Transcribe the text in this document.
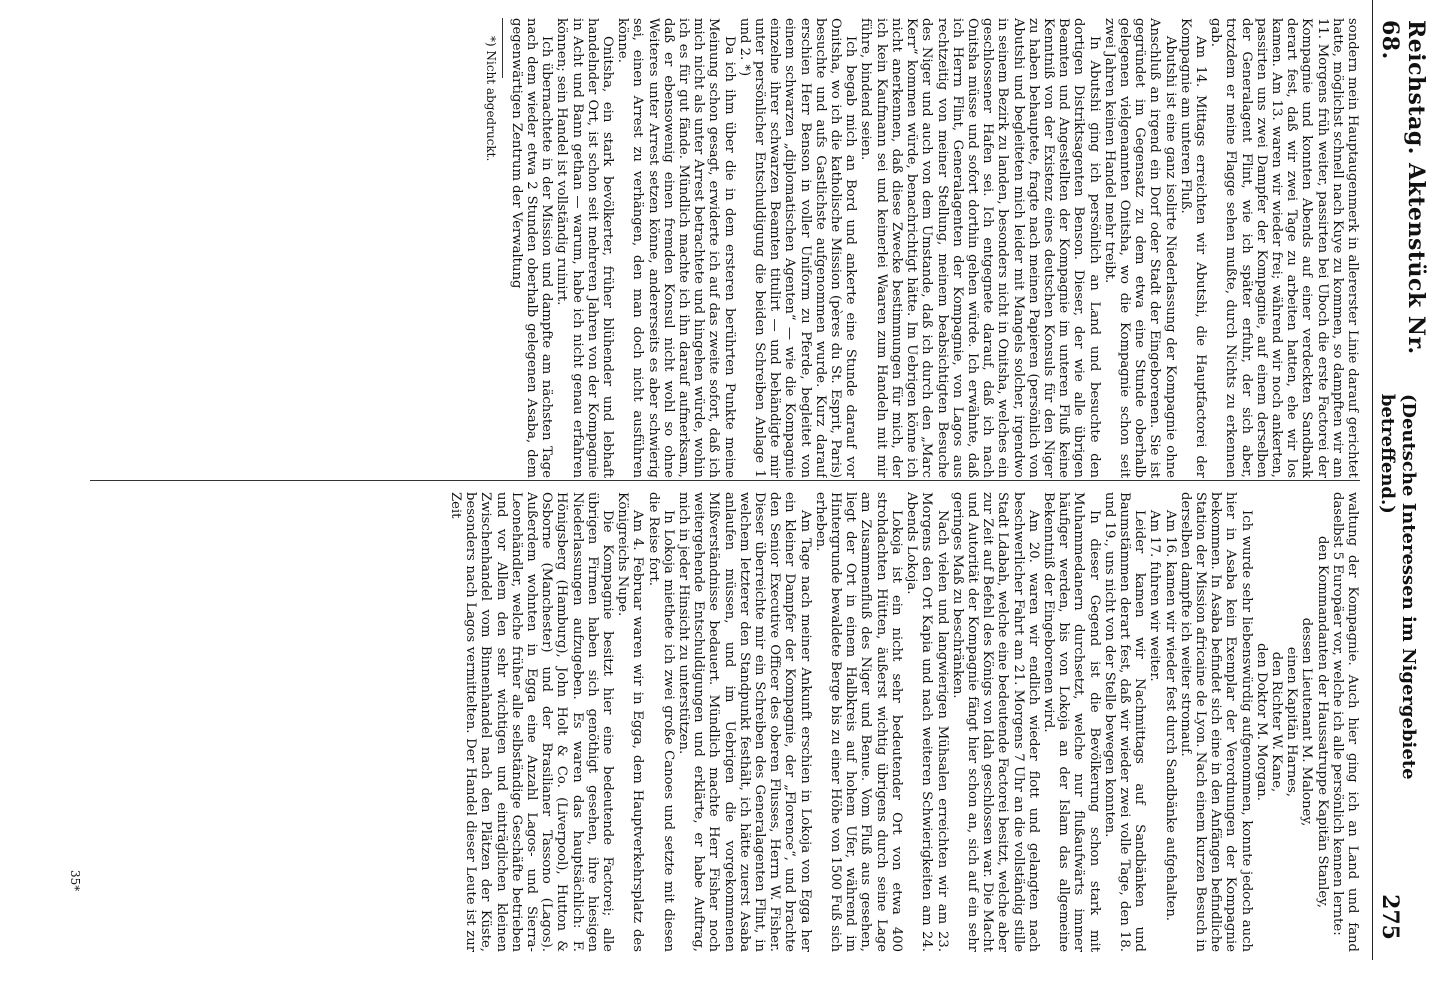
Reichstag. Aktenstück Nr. 68.
(Deutsche Interessen im Nigergebiete betreffend.)
275

sondern mein Hauptaugenmerk in allererster Linie darauf gerichtet hatte, möglichst schnell nach Kuye zu kommen, so dampften wir am 11. Morgens früh weiter, passirten bei Uboch die erste Factorei der Kompagnie und konnten Abends auf einer verdeckten Sandbank derart fest, daß wir zwei Tage zu arbeiten hatten, ehe wir los kamen. Am 13. waren wir wieder frei; während wir noch ankerten, passirten uns zwei Dampfer der Kompagnie, auf einem derselben der Generalagent Flint, wie ich später erfuhr, der sich aber, trotzdem er meine Flagge sehen mußte, durch Nichts zu erkennen gab.

Am 14. Mittags erreichten wir Abutshi, die Hauptfactorei der Kompagnie am unteren Fluß.

Abutshi ist eine ganz isolirte Niederlassung der Kompagnie ohne Anschluß an irgend ein Dorf oder Stadt der Eingeborenen. Sie ist gegründet im Gegensatz zu dem etwa eine Stunde oberhalb gelegenen vielgenannten Onitsha, wo die Kompagnie schon seit zwei Jahren keinen Handel mehr treibt.

In Abutshi ging ich persönlich an Land und besuchte den dortigen Distriktsagenten Benson. Dieser, der wie alle übrigen Beamten und Angestellten der Kompagnie im unteren Fluß keine Kenntniß von der Existenz eines deutschen Konsuls für den Niger zu haben behauptete, fragte nach meinen Papieren (persönlich von Abutshi und begleiteten mich leider mit Mangels solcher, irgendwo in seinem Bezirk zu landen, besonders nicht in Onitsha, welches ein geschlossener Hafen sei. Ich entgegnete darauf, daß ich nach Onitsha müsse und sofort dorthin gehen würde. Ich erwähnte, daß ich Herrn Flint, Generalagenten der Kompagnie, von Lagos aus rechtzeitig von meiner Stellung, meinem beabsichtigten Besuche des Niger und auch von dem Umstande, daß ich durch den „Marc Kerr“ kommen würde, benachrichtigt hätte. Im Uebrigen könne ich nicht anerkennen, daß diese Zwecke bestimmungen für mich, der ich kein Kaufmann sei und keinerlei Waaren zum Handeln mit mir führe, bindend seien.

Ich begab mich an Bord und ankerte eine Stunde darauf vor Onitsha, wo ich die katholische Mission (pères du St. Esprit, Paris) besuchte und aufs Gastlichste aufgenommen wurde. Kurz darauf erschien Herr Benson in voller Uniform zu Pferde, begleitet von einem schwarzen „diplomatischen Agenten“ — wie die Kompagnie einzelne ihrer schwarzen Beamten titulirt — und behändigte mir unter persönlicher Entschuldigung die beiden Schreiben Anlage 1 und 2. *)

Da ich ihm über die in dem ersteren berührten Punkte meine Meinung schon gesagt, erwiderte ich auf das zweite sofort, daß ich mich nicht als unter Arrest betrachtete und hingehen würde, wohin ich es für gut fände. Mündlich machte ich ihn darauf aufmerksam, daß er ebensowenig einen fremden Konsul nicht wohl so ohne Weiteres unter Arrest setzen könne, andererseits es aber schwierig sei, einen Arrest zu verhängen, den man doch nicht ausführen könne.

Onitsha, ein stark bevölkerter, früher blühender und lebhaft handelnder Ort, ist schon seit mehreren Jahren von der Kompagnie in Acht und Bann gethan — warum, habe ich nicht genau erfahren können; sein Handel ist vollständig ruinirt.

Ich übernachtete in der Mission und dampfte am nächsten Tage nach dem wieder etwa 2 Stunden oberhalb gelegenen Asaba, dem gegenwärtigen Zentrum der Verwaltung

*) Nicht abgedruckt.

waltung der Kompagnie. Auch hier ging ich an Land und fand daselbst 5 Europäer vor, welche ich alle persönlich kennen lernte:

den Kommandanten der Haussatruppe Kapitän Stanley,

dessen Lieutenant M. Maloney,

einen Kapitän Harnes,

den Richter W. Kane,

den Doktor M. Morgan.

Ich wurde sehr liebenswürdig aufgenommen, konnte jedoch auch hier in Asaba kein Exemplar der Verordnungen der Kompagnie bekommen. In Asaba befindet sich eine in den Anfängen befindliche Station der Mission africaine de Lyon. Nach einem kurzen Besuch in derselben dampfte ich weiter stromauf.

Am 16. kamen wir wieder fest durch Sandbänke aufgehalten.

Am 17. fuhren wir weiter.

Leider kamen wir Nachmittags auf Sandbänken und Baumstämmen derart fest, daß wir wieder zwei volle Tage, den 18. und 19., uns nicht von der Stelle bewegen konnten.

In dieser Gegend ist die Bevölkerung schon stark mit Muhammedanern durchsetzt, welche nur flußaufwärts immer häufiger werden, bis von Lokoja an der Islam das allgemeine Bekenntniß der Eingeborenen wird.

Am 20. waren wir endlich wieder flott und gelangten nach beschwerlicher Fahrt am 21. Morgens 7 Uhr an die vollständig stille Stadt Ldabah, welche eine bedeutende Factorei besitzt, welche aber zur Zeit auf Befehl des Königs von Idah geschlossen war. Die Macht und Autorität der Kompagnie fängt hier schon an, sich auf ein sehr geringes Maß zu beschränken.

Nach vielen und langwierigen Mühsalen erreichten wir am 23. Morgens den Ort Kapia und nach weiteren Schwierigkeiten am 24. Abends Lokoja.

Lokoja ist ein nicht sehr bedeutender Ort von etwa 400 strohdachten Hütten, äußerst wichtig übrigens durch seine Lage am Zusammenfluß des Niger und Benue. Vom Fluß aus gesehen, liegt der Ort in einem Halbkreis auf hohem Ufer, während im Hintergrunde bewaldete Berge bis zu einer Höhe von 1500 Fuß sich erheben.

Am Tage nach meiner Ankunft erschien in Lokoja von Egga her ein kleiner Dampfer der Kompagnie, der „Florence“, und brachte den Senior Executive Officer des oberen Flusses, Herrn W. Fisher. Dieser überreichte mir ein Schreiben des Generalagenten Flint, in welchem letzterer den Standpunkt festhält, ich hätte zuerst Asaba anlaufen müssen, und im Uebrigen die vorgekommenen Mißverständnisse bedauert. Mündlich machte Herr Fisher noch weitergehende Entschuldigungen und erklärte, er habe Auftrag, mich in jeder Hinsicht zu unterstützen.

In Lokoja miethete ich zwei große Canoes und setzte mit diesen die Reise fort.

Am 4. Februar waren wir in Egga, dem Hauptverkehrsplatz des Königreichs Nupe.

Die Kompagnie besitzt hier eine bedeutende Factorei; alle übrigen Firmen haben sich genöthigt gesehen, ihre hiesigen Niederlassungen aufzugeben. Es waren das hauptsächlich: F. Hönigsberg (Hamburg), John Holt & Co. (Liverpool), Hutton & Osborne (Manchester) und der Brasilianer Tassono (Lagos). Außerdem wohnten in Egga eine Anzahl Lagos- und Sierra-Leonehändler, welche früher alle selbständige Geschäfte betrieben und vor Allem den sehr wichtigen und einträglichen kleinen Zwischenhandel vom Binnenhandel nach den Plätzen der Küste, besonders nach Lagos vermittelten. Der Handel dieser Leute ist zur Zeit

35*
